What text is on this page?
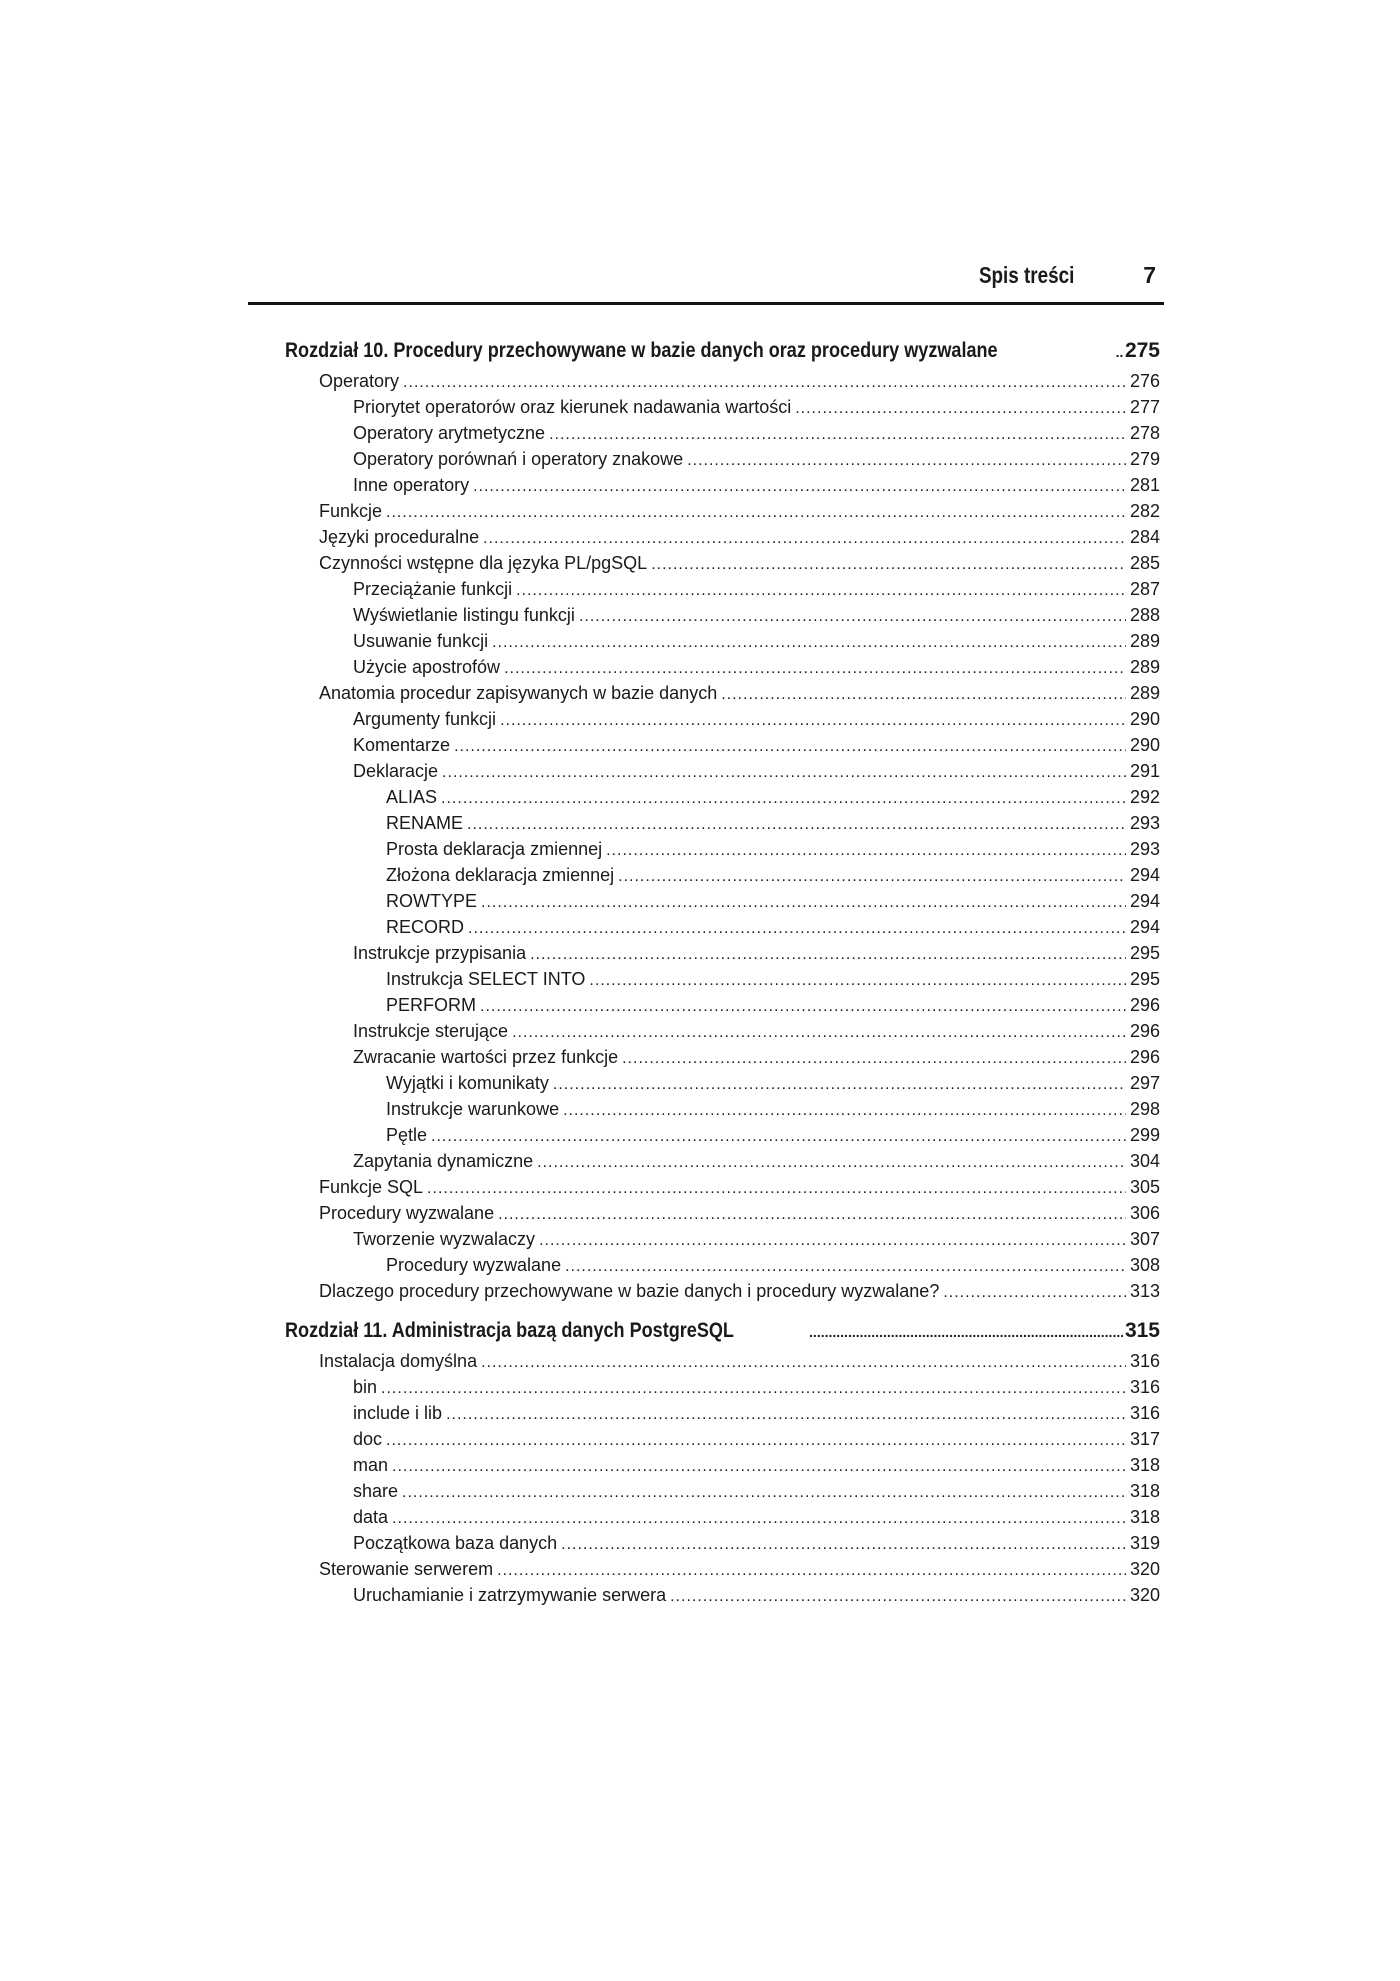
Spis treści	7
Rozdział 10. Procedury przechowywane w bazie danych oraz procedury wyzwalane .....	275
Operatory .....	276
Priorytet operatorów oraz kierunek nadawania wartości .....	277
Operatory arytmetyczne .....	278
Operatory porównań i operatory znakowe .....	279
Inne operatory .....	281
Funkcje .....	282
Języki proceduralne .....	284
Czynności wstępne dla języka PL/pgSQL .....	285
Przeciążanie funkcji .....	287
Wyświetlanie listingu funkcji .....	288
Usuwanie funkcji .....	289
Użycie apostrofów .....	289
Anatomia procedur zapisywanych w bazie danych .....	289
Argumenty funkcji .....	290
Komentarze .....	290
Deklaracje .....	291
ALIAS .....	292
RENAME .....	293
Prosta deklaracja zmiennej .....	293
Złożona deklaracja zmiennej .....	294
ROWTYPE .....	294
RECORD .....	294
Instrukcje przypisania .....	295
Instrukcja SELECT INTO .....	295
PERFORM .....	296
Instrukcje sterujące .....	296
Zwracanie wartości przez funkcje .....	296
Wyjątki i komunikaty .....	297
Instrukcje warunkowe .....	298
Pętle .....	299
Zapytania dynamiczne .....	304
Funkcje SQL .....	305
Procedury wyzwalane .....	306
Tworzenie wyzwalaczy .....	307
Procedury wyzwalane .....	308
Dlaczego procedury przechowywane w bazie danych i procedury wyzwalane? .....	313
Rozdział 11. Administracja bazą danych PostgreSQL .....	315
Instalacja domyślna .....	316
bin .....	316
include i lib .....	316
doc .....	317
man .....	318
share .....	318
data .....	318
Początkowa baza danych .....	319
Sterowanie serwerem .....	320
Uruchamianie i zatrzymywanie serwera .....	320
